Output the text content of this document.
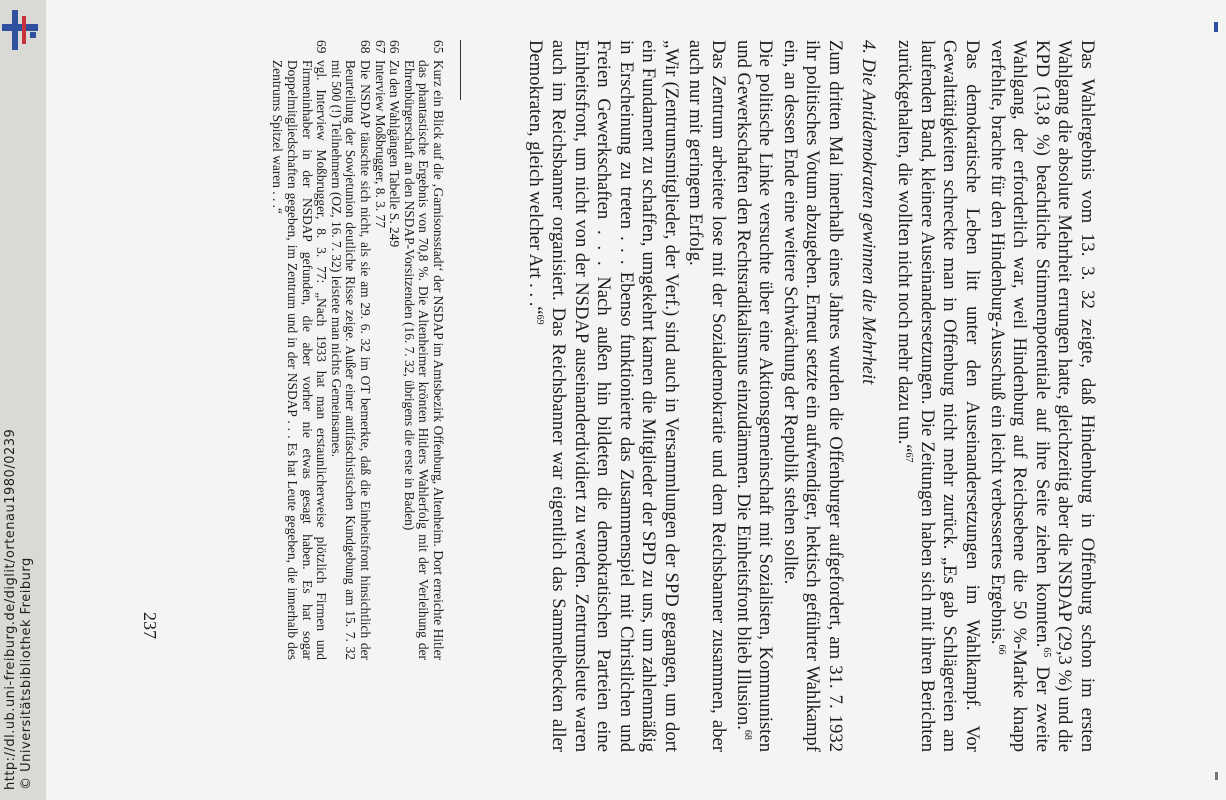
http://dl.ub.uni-freiburg.de/diglit/ortenau1980/0239 © Universitätsbibliothek Freiburg	Das Wahlergebnis vom 13. 3. 32 zeigte, daß Hindenburg in Offenburg schon im ersten Wahlgang die absolute Mehrheit errungen hatte, gleichzeitig aber die NSDAP (29,3 %) und die KPD (13,8 %) beachtliche Stimmenpotentiale auf ihre Seite ziehen konnten.$^{65}$ Der zweite Wahlgang, der erforderlich war, weil Hindenburg auf Reichsebene die 50 %-Marke knapp verfehlte, brachte für den Hindenburg-Ausschuß ein leicht verbessertes Ergebnis.$^{66}$

Das demokratische Leben litt unter den Auseinandersetzungen im Wahlkampf. Vor Gewalttätigkeiten schreckte man in Offenburg nicht mehr zurück. „Es gab Schlägereien am laufenden Band, kleinere Auseinandersetzungen. Die Zeitungen haben sich mit ihren Berichten zurückgehalten, die wollten nicht noch mehr dazu tun.“$^{67}$

4. Die Antidemokraten gewinnen die Mehrheit

Zum dritten Mal innerhalb eines Jahres wurden die Offenburger aufgefordert, am 31. 7. 1932 ihr politisches Votum abzugeben. Erneut setzte ein aufwendiger, hektisch geführter Wahlkampf ein, an dessen Ende eine weitere Schwächung der Republik stehen sollte.

Die politische Linke versuchte über eine Aktionsgemeinschaft mit Sozialisten, Kommunisten und Gewerkschaften den Rechtsradikalismus einzudämmen. Die Einheitsfront blieb Illusion.$^{68}$

Das Zentrum arbeitete lose mit der Sozialdemokratie und dem Reichsbanner zusammen, aber auch nur mit geringem Erfolg.

„Wir (Zentrumsmitglieder, der Verf.) sind auch in Versammlungen der SPD gegangen, um dort ein Fundament zu schaffen, umgekehrt kamen die Mitglieder der SPD zu uns, um zahlenmäßig in Erscheinung zu treten . . . Ebenso funktionierte das Zusammenspiel mit Christlichen und Freien Gewerkschaften . . . Nach außen hin bildeten die demokratischen Parteien eine Einheitsfront, um nicht von der NSDAP auseinanderdividiert zu werden. Zentrumsleute waren auch im Reichsbanner organisiert. Das Reichsbanner war eigentlich das Sammelbecken aller Demokraten, gleich welcher Art . . .“$^{69}$

65
Kurz ein Blick auf die ‚Garnisonsstadt‘ der NSDAP im Amtsbezirk Offenburg, Altenheim. Dort erreichte Hitler das phantastische Ergebnis von 70,8 %. Die Altenheimer krönten Hitlers Wahlerfolg mit der Verleihung der Ehrenbürgerschaft an den NSDAP-Vorsitzenden (16. 7. 32, übrigens die erste in Baden)
66
Zu den Wahlgängen Tabelle S. 249
67
Interview Moßbrugger, 8. 3. 77
68
Die NSDAP täuschte sich nicht, als sie am 29. 6. 32 im OT bemerkte, daß die Einheitsfront hinsichtlich der Beurteilung der Sowjetunion deutliche Risse zeige. Außer einer antifaschistischen Kundgebung am 15. 7. 32 mit 500 (!) Teilnehmern (OZ, 16. 7. 32) leistete man nichts Gemeinsames.
69
vgl. Interview Moßbrugger, 8. 3. 77: „Nach 1933 hat man erstaunlicherweise plötzlich Firmen und Firmeninhaber in der NSDAP gefunden, die aber vorher nie etwas gesagt haben. Es hat sogar Doppelmitgliedschaften gegeben, im Zentrum und in der NSDAP . . . Es hat Leute gegeben, die innerhalb des Zentrums Spitzel waren . . .“
237
